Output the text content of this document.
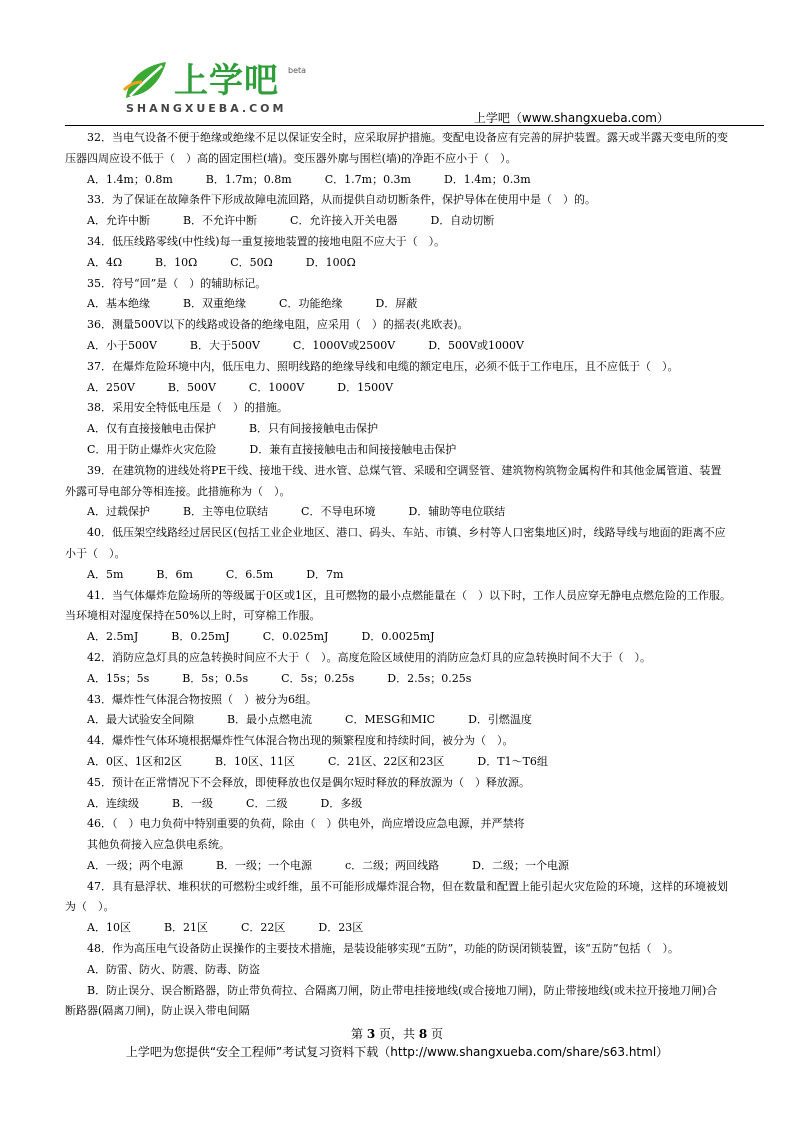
上学吧 beta
SHANGXUEBA.COM
上学吧（www.shangxueba.com）
　　32．当电气设备不便于绝缘或绝缘不足以保证安全时，应采取屏护措施。变配电设备应有完善的屏护装置。露天或半露天变电所的变
压器四周应设不低于（　）高的固定围栏(墙)。变压器外廓与围栏(墙)的净距不应小于（　）。
　　A．1.4m；0.8m　　　B．1.7m；0.8m　　　C．1.7m；0.3m　　　D．1.4m；0.3m
　　33．为了保证在故障条件下形成故障电流回路，从而提供自动切断条件，保护导体在使用中是（　）的。
　　A．允许中断　　　B．不允许中断　　　C．允许接入开关电器　　　D．自动切断
　　34．低压线路零线(中性线)每一重复接地装置的接地电阻不应大于（　）。
　　A．4Ω　　　B．10Ω　　　C．50Ω　　　D．100Ω
　　35．符号“回”是（　）的辅助标记。
　　A．基本绝缘　　　B．双重绝缘　　　C．功能绝缘　　　D．屏蔽
　　36．测量500V以下的线路或设备的绝缘电阻，应采用（　）的摇表(兆欧表)。
　　A．小于500V　　　B．大于500V　　　C．1000V或2500V　　　D．500V或1000V
　　37．在爆炸危险环境中内，低压电力、照明线路的绝缘导线和电缆的额定电压，必须不低于工作电压，且不应低于（　）。
　　A．250V　　　B．500V　　　C．1000V　　　D．1500V
　　38．采用安全特低电压是（　）的措施。
　　A．仅有直接接触电击保护　　　B．只有间接接触电击保护
　　C．用于防止爆炸火灾危险　　　D．兼有直接接触电击和间接接触电击保护
　　39．在建筑物的进线处将PE干线、接地干线、进水管、总煤气管、采暖和空调竖管、建筑物构筑物金属构件和其他金属管道、装置
外露可导电部分等相连接。此措施称为（　）。
　　A．过载保护　　　B．主等电位联结　　　C．不导电环境　　　D．辅助等电位联结
　　40．低压架空线路经过居民区(包括工业企业地区、港口、码头、车站、市镇、乡村等人口密集地区)时，线路导线与地面的距离不应
小于（　）。
　　A．5m　　　B．6m　　　C．6.5m　　　D．7m
　　41．当气体爆炸危险场所的等级属于0区或1区，且可燃物的最小点燃能量在（　）以下时，工作人员应穿无静电点燃危险的工作服。
当环境相对湿度保持在50%以上时，可穿棉工作服。
　　A．2.5mJ　　　B．0.25mJ　　　C．0.025mJ　　　D．0.0025mJ
　　42．消防应急灯具的应急转换时间应不大于（　）。高度危险区域使用的消防应急灯具的应急转换时间不大于（　）。
　　A．15s；5s　　　B．5s；0.5s　　　C．5s；0.25s　　　D．2.5s；0.25s
　　43．爆炸性气体混合物按照（　）被分为6组。
　　A．最大试验安全间隙　　　B．最小点燃电流　　　C．MESG和MIC　　　D．引燃温度
　　44．爆炸性气体环境根据爆炸性气体混合物出现的频繁程度和持续时间，被分为（　）。
　　A．0区、1区和2区　　　B．10区、11区　　　C．21区、22区和23区　　　D．T1～T6组
　　45．预计在正常情况下不会释放，即使释放也仅是偶尔短时释放的释放源为（　）释放源。
　　A．连续级　　　B．一级　　　C．二级　　　D．多级
　　46．（　）电力负荷中特别重要的负荷，除由（　）供电外，尚应增设应急电源，并严禁将
　　其他负荷接入应急供电系统。
　　A．一级；两个电源　　　B．一级；一个电源　　　c．二级；两回线路　　　D．二级；一个电源
　　47．具有悬浮状、堆积状的可燃粉尘或纤维，虽不可能形成爆炸混合物，但在数量和配置上能引起火灾危险的环境，这样的环境被划
为（　）。
　　A．10区　　　B．21区　　　C．22区　　　D．23区
　　48．作为高压电气设备防止误操作的主要技术措施，是装设能够实现“五防”，功能的防误闭锁装置，该“五防”包括（　）。
　　A．防雷、防火、防震、防毒、防盗
　　B．防止误分、误合断路器，防止带负荷拉、合隔离刀闸，防止带电挂接地线(或合接地刀闸)，防止带接地线(或未拉开接地刀闸)合
断路器(隔离刀闸)，防止误入带电间隔
第 3 页，共 8 页
上学吧为您提供“安全工程师”考试复习资料下载（http://www.shangxueba.com/share/s63.html）
